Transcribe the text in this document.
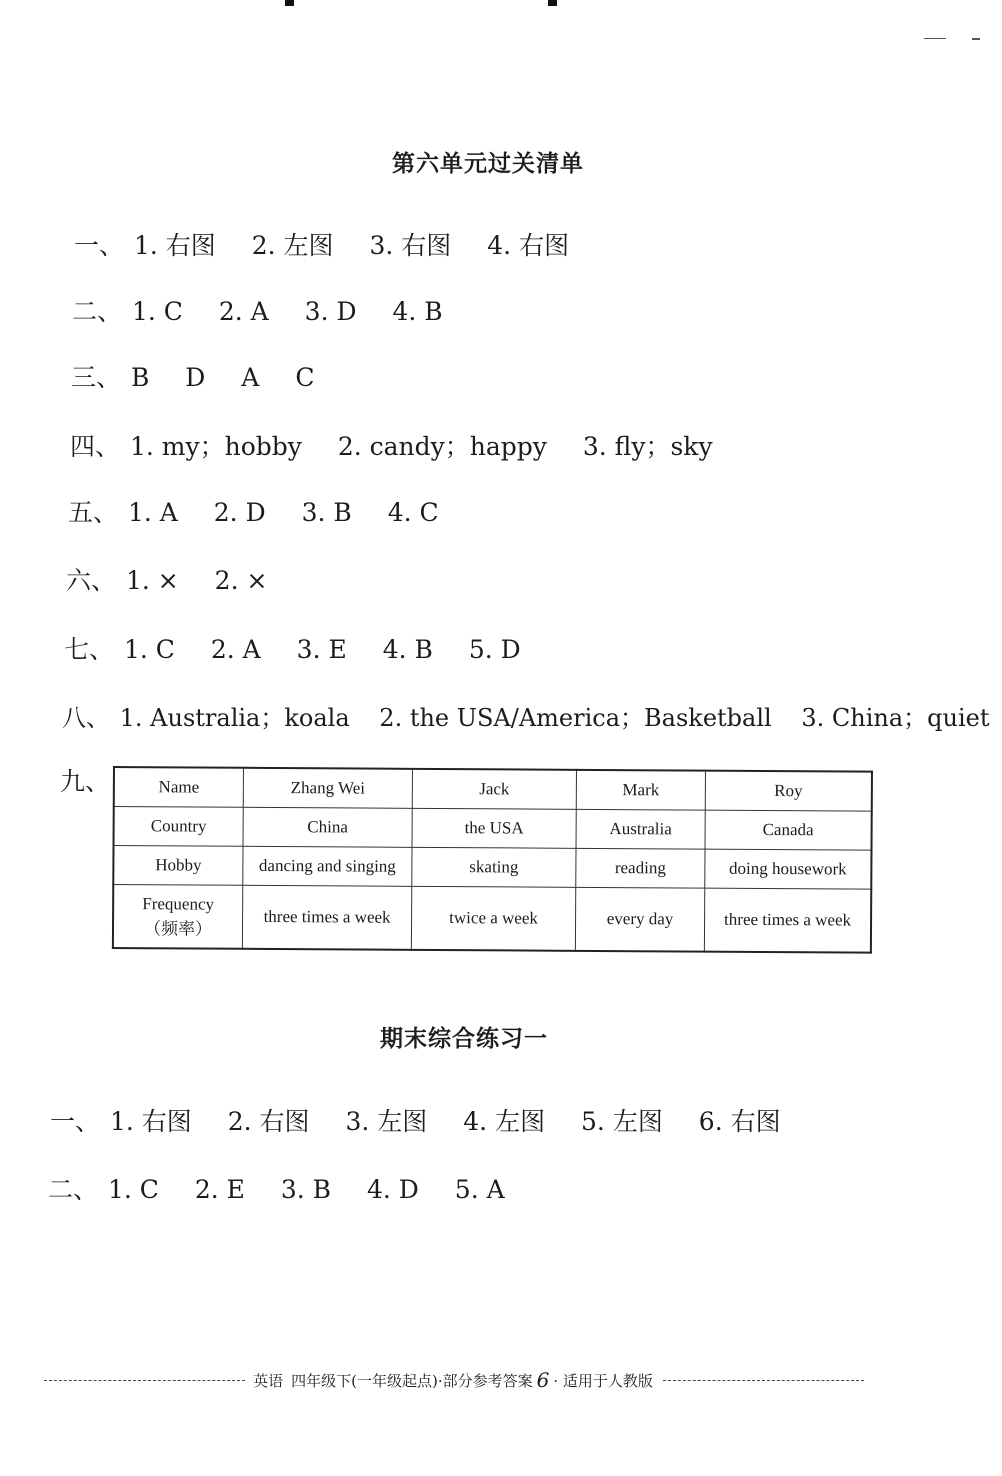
第六单元过关清单
一、 1. 右图 2. 左图 3. 右图 4. 右图
二、 1. C 2. A 3. D 4. B
三、 B D A C
四、 1. my；hobby 2. candy；happy 3. fly；sky
五、 1. A 2. D 3. B 4. C
六、 1. × 2. ×
七、 1. C 2. A 3. E 4. B 5. D
八、 1. Australia；koala 2. the USA/America；Basketball 3. China；quiet
九、	Name	Zhang Wei	Jack	Mark	Roy
Country	China	the USA	Australia	Canada
Hobby	dancing and singing	skating	reading	doing housework

Frequency
（频率）	three times a week	twice a week	every day	three times a week
期末综合练习一
一、 1. 右图 2. 右图 3. 左图 4. 左图 5. 左图 6. 右图
二、 1. C 2. E 3. B 4. D 5. A
英语 四年级下(一年级起点)·部分参考答案 6 · 适用于人教版
